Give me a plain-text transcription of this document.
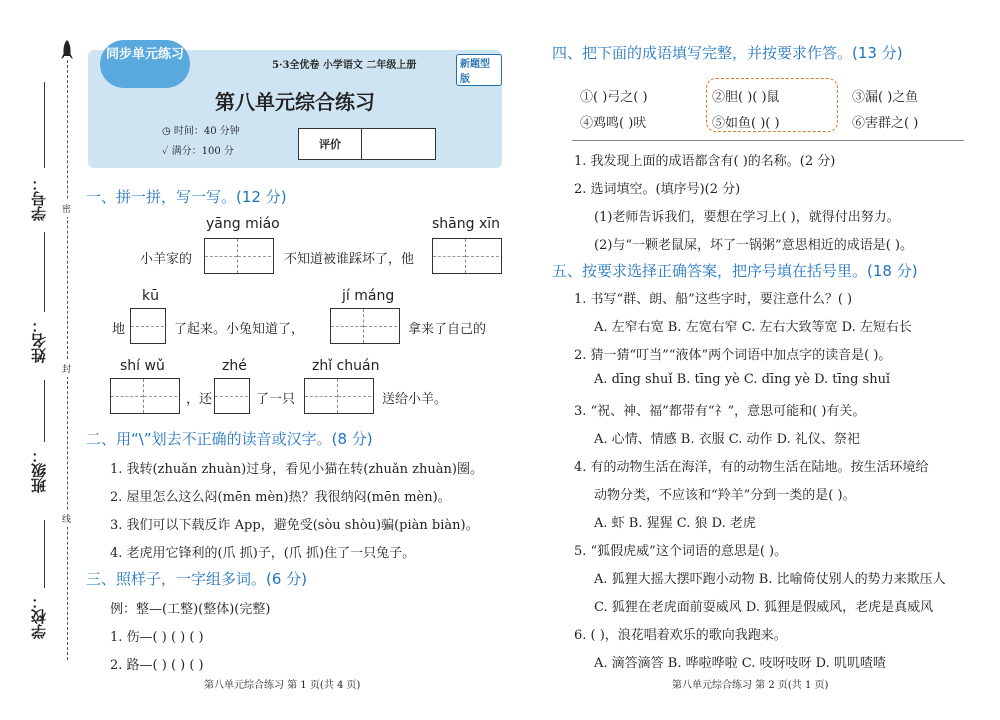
密
封
线
学号：
姓名：
班级：
学校：
5·3全优卷 小学语文 二年级上册	新题型版
第八单元综合练习
◷ 时间：40 分钟
✓ 满分：100 分
评价
同步单元练习
一、拼一拼，写一写。(12 分)
yāng miáo	shāng xīn
小羊家的	不知道被谁踩坏了，他
kū	jí máng
地	了起来。小兔知道了，	拿来了自己的
shí wǔ	zhé	zhǐ chuán
，还	了一只	送给小羊。
二、用“\”划去不正确的读音或汉字。(8 分)
1. 我转(zhuǎn zhuàn)过身，看见小猫在转(zhuǎn zhuàn)圈。
2. 屋里怎么这么闷(mēn mèn)热？我很纳闷(mēn mèn)。
3. 我们可以下载反诈 App，避免受(sòu shòu)骗(piàn biàn)。
4. 老虎用它锋利的(爪 抓)子，(爪 抓)住了一只兔子。
三、照样子，一字组多词。(6 分)
例：整—(工整)(整体)(完整)
1. 伤—( ) ( ) ( )
2. 路—( ) ( ) ( )
第八单元综合练习 第 1 页(共 4 页)
四、把下面的成语填写完整，并按要求作答。(13 分)
①( )弓之( )	②胆( )( )鼠	③漏( )之鱼
④鸡鸣( )吠	⑤如鱼( )( )	⑥害群之( )
1. 我发现上面的成语都含有( )的名称。(2 分)
2. 选词填空。(填序号)(2 分)
(1)老师告诉我们，要想在学习上( )，就得付出努力。
(2)与“一颗老鼠屎，坏了一锅粥”意思相近的成语是( )。
五、按要求选择正确答案，把序号填在括号里。(18 分)
1. 书写“群、朗、船”这些字时，要注意什么？( )
A. 左窄右宽 B. 左宽右窄 C. 左右大致等宽 D. 左短右长
2. 猜一猜“叮当”“液体”两个词语中加点字的读音是( )。
A. dīng shuǐ B. tīng yè C. dīng yè D. tīng shuǐ
3. “祝、神、福”都带有“礻”，意思可能和( )有关。
A. 心情、情感 B. 衣服 C. 动作 D. 礼仪、祭祀
4. 有的动物生活在海洋，有的动物生活在陆地。按生活环境给
动物分类，不应该和“羚羊”分到一类的是( )。
A. 虾 B. 猩猩 C. 狼 D. 老虎
5. “狐假虎威”这个词语的意思是( )。
A. 狐狸大摇大摆吓跑小动物 B. 比喻倚仗别人的势力来欺压人
C. 狐狸在老虎面前耍威风 D. 狐狸是假威风，老虎是真威风
6. ( )，浪花唱着欢乐的歌向我跑来。
A. 滴答滴答 B. 哗啦哗啦 C. 吱呀吱呀 D. 叽叽喳喳
第八单元综合练习 第 2 页(共 1 页)
